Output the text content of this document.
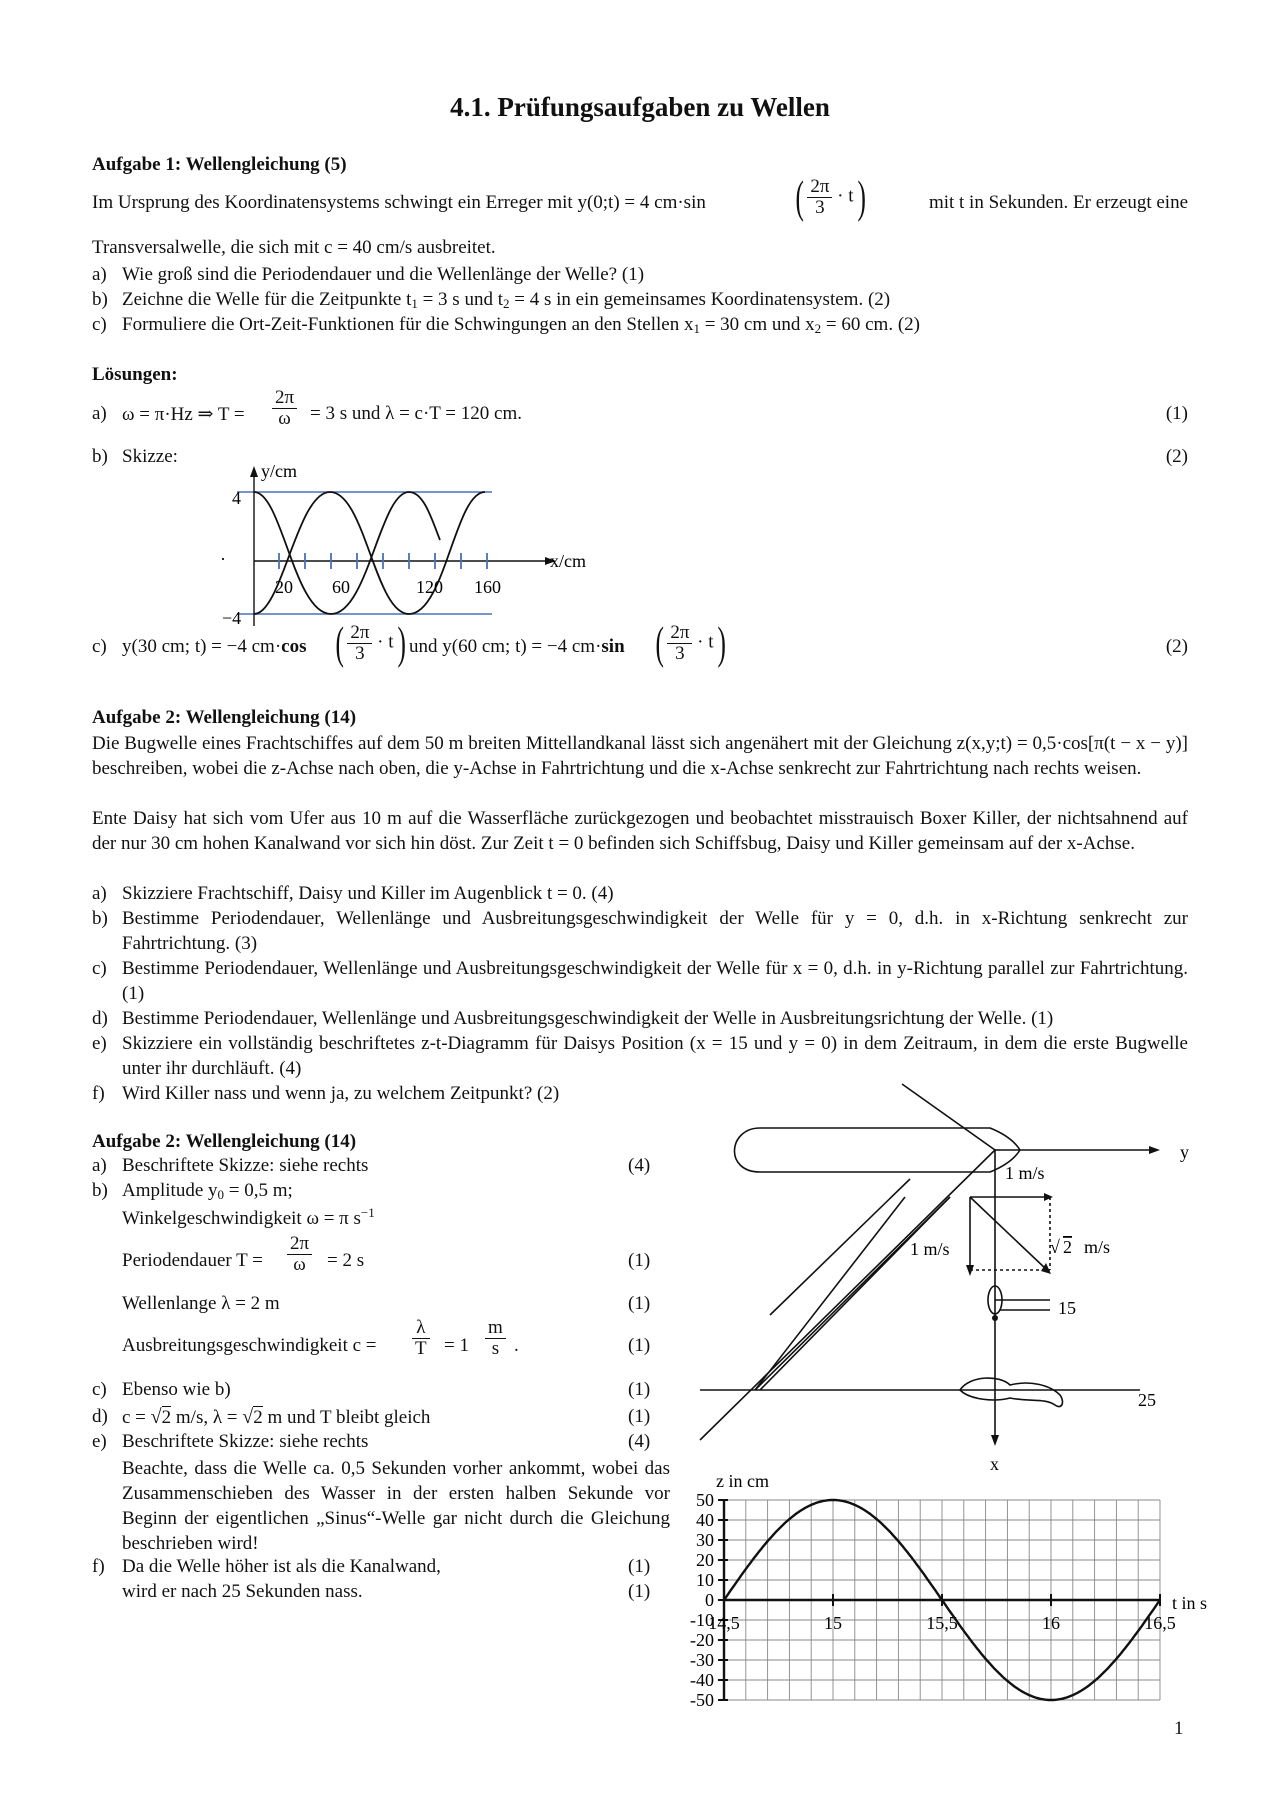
4.1. Prüfungsaufgaben zu Wellen
Aufgabe 1: Wellengleichung (5)
Im Ursprung des Koordinatensystems schwingt ein Erreger mit y(0;t) = 4 cm·sin ( $\frac{2\pi}{3} \cdot t$)	mit t in Sekunden. Er erzeugt eine
Transversalwelle, die sich mit c = 40 cm/s ausbreitet.
a) Wie groß sind die Periodendauer und die Wellenlänge der Welle? (1)
b) Zeichne die Welle für die Zeitpunkte $t_1 = 3$ s und $t_2 = 4$ s in ein gemeinsames Koordinatensystem. (2)
c) Formuliere die Ort-Zeit-Funktionen für die Schwingungen an den Stellen $x_1 = 30$ cm und $x_2 = 60$ cm. (2)
Lösungen:
a) ω = π·Hz ⇒ $T = \frac{2\pi}{\omega} = 3$ s und λ = c·T = 120 cm.	(1)
b) Skizze:	(2)
y/cm
x/cm
4
−4
·
20 60	120 160
c) y(30 cm; t) = −4 cm·cos ( $\frac{2\pi}{3} \cdot t$) und y(60 cm; t) = −4 cm·sin ( $\frac{2\pi}{3} \cdot t$)	(2)
Aufgabe 2: Wellengleichung (14)
Die Bugwelle eines Frachtschiffes auf dem 50 m breiten Mittellandkanal lässt sich angenähert mit der Gleichung z(x,y;t) = 0,5·cos[π(t − x − y)] beschreiben, wobei die z-Achse nach oben, die y-Achse in Fahrtrichtung und die x-Achse senkrecht zur Fahrtrichtung nach rechts weisen.
Ente Daisy hat sich vom Ufer aus 10 m auf die Wasserfläche zurückgezogen und beobachtet misstrauisch Boxer Killer, der nichtsahnend auf der nur 30 cm hohen Kanalwand vor sich hin döst. Zur Zeit t = 0 befinden sich Schiffsbug, Daisy und Killer gemeinsam auf der x-Achse.
a) Skizziere Frachtschiff, Daisy und Killer im Augenblick t = 0. (4)
b) Bestimme Periodendauer, Wellenlänge und Ausbreitungsgeschwindigkeit der Welle für y = 0, d.h. in x-Richtung senkrecht zur Fahrtrichtung. (3)
c) Bestimme Periodendauer, Wellenlänge und Ausbreitungsgeschwindigkeit der Welle für x = 0, d.h. in y-Richtung parallel zur Fahrtrichtung. (1)
d) Bestimme Periodendauer, Wellenlänge und Ausbreitungsgeschwindigkeit der Welle in Ausbreitungsrichtung der Welle. (1)
e) Skizziere ein vollständig beschriftetes z-t-Diagramm für Daisys Position (x = 15 und y = 0) in dem Zeitraum, in dem die erste Bugwelle unter ihr durchläuft. (4)
f) Wird Killer nass und wenn ja, zu welchem Zeitpunkt? (2)
Aufgabe 2: Wellengleichung (14)
a) Beschriftete Skizze: siehe rechts	(4)
b) Amplitude $y_0 = 0,5$ m;
Winkelgeschwindigkeit ω = π $s^{-1}$
Periodendauer $T = \frac{2\pi}{\omega} = 2$ s	(1)
Wellenlange λ = 2 m	(1)
Ausbreitungsgeschwindigkeit $c = \frac{\lambda}{T} = 1 \frac{m}{s}$ .	(1)
c) Ebenso wie b)	(1)
d) c = √2 m/s, λ = √2 m und T bleibt gleich	(1)
e) Beschriftete Skizze: siehe rechts	(4)
Beachte, dass die Welle ca. 0,5 Sekunden vorher ankommt, wobei das Zusammenschieben des Wasser in der ersten halben Sekunde vor Beginn der eigentlichen „Sinus“-Welle gar nicht durch die Gleichung beschrieben wird!
f) Da die Welle höher ist als die Kanalwand,	(1)
wird er nach 25 Sekunden nass.	(1)
y
x
1 m/s
1 m/s	√ 2 m/s
15
25
z in cm
t in s
50
40
30
20
10
0
-10
-20
-30
-40
-50
14,5	15	15,5	16	16,5
1
